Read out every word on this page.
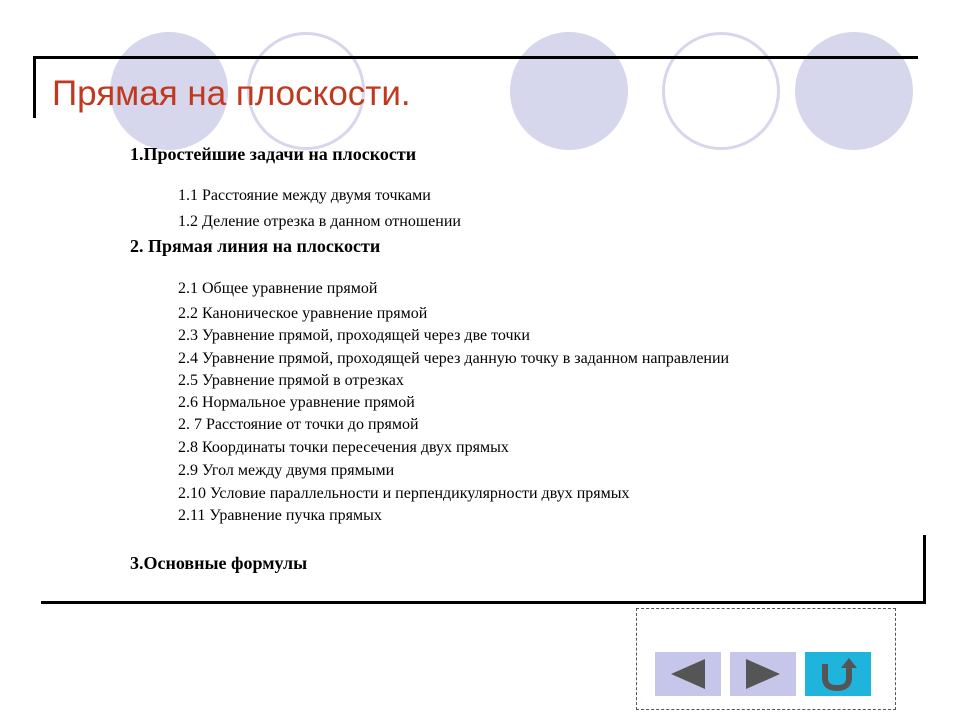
Прямая на плоскости.
1.Простейшие задачи на плоскости
1.1 Расстояние между двумя точками
1.2 Деление отрезка в данном отношении
2. Прямая линия на плоскости
2.1 Общее уравнение прямой
2.2 Каноническое уравнение прямой
2.3 Уравнение прямой, проходящей через две точки
2.4 Уравнение прямой, проходящей через данную точку в заданном направлении
2.5 Уравнение прямой в отрезках
2.6 Нормальное уравнение прямой
2. 7 Расстояние от точки до прямой
2.8 Координаты точки пересечения двух прямых
2.9 Угол между двумя прямыми
2.10 Условие параллельности и перпендикулярности двух прямых
2.11 Уравнение пучка прямых
3.Основные формулы
